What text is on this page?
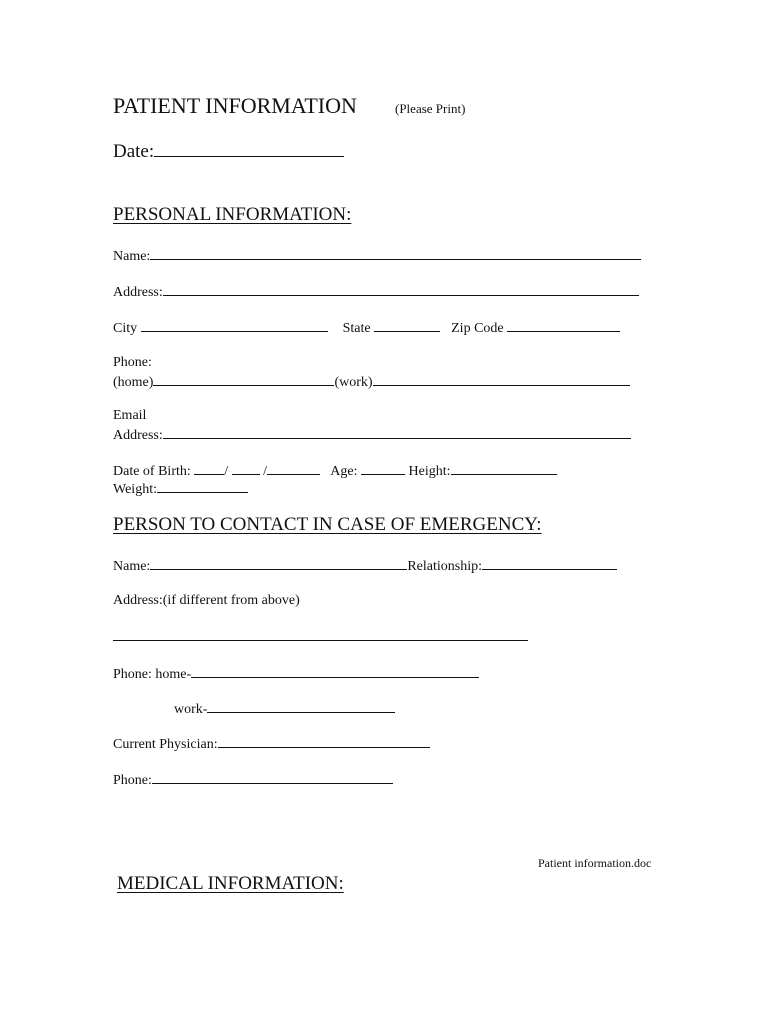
PATIENT INFORMATION	(Please Print)
Date:
PERSONAL INFORMATION:
Name:
Address:
City	State	Zip Code
Phone:
(home)	(work)
Email
Address:
Date of Birth: /	/	Age:	Height:
Weight:
PERSON TO CONTACT IN CASE OF EMERGENCY:
Name:	Relationship:
Address:(if different from above)
Phone: home-
work-
Current Physician:
Phone:
Patient information.doc
MEDICAL INFORMATION:
